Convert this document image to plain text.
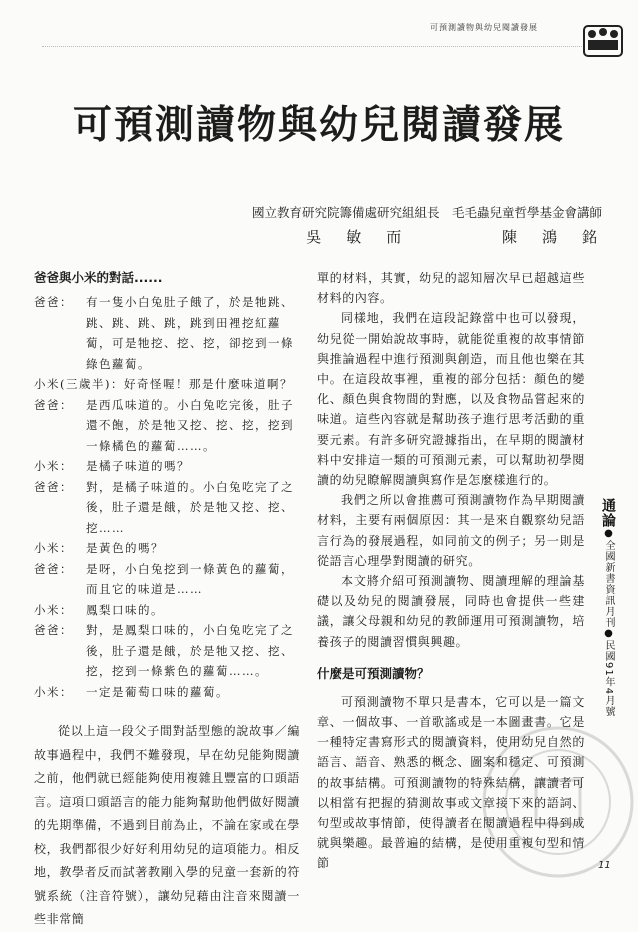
可預測讀物與幼兒閱讀發展
可預測讀物與幼兒閱讀發展
國立教育研究院籌備處研究組組長　毛毛蟲兒童哲學基金會講師
吳　敏　而	陳　鴻　銘
爸爸與小米的對話......
爸爸：	有一隻小白兔肚子餓了，於是牠跳、跳、跳、跳、跳，跳到田裡挖紅蘿蔔，可是牠挖、挖、挖，卻挖到一條綠色蘿蔔。
小米(三歲半)： 好奇怪喔！那是什麼味道啊？
爸爸：	是西瓜味道的。小白兔吃完後，肚子還不飽，於是牠又挖、挖、挖，挖到一條橘色的蘿蔔……。
小米：	是橘子味道的嗎？
爸爸：	對，是橘子味道的。小白兔吃完了之後，肚子還是餓，於是牠又挖、挖、挖……
小米：	是黃色的嗎？
爸爸：	是呀，小白兔挖到一條黃色的蘿蔔，而且它的味道是……
小米：	鳳梨口味的。
爸爸：	對，是鳳梨口味的，小白兔吃完了之後，肚子還是餓，於是牠又挖、挖、挖，挖到一條紫色的蘿蔔……。
小米：	一定是葡萄口味的蘿蔔。

從以上這一段父子間對話型態的說故事／編故事過程中，我們不難發現，早在幼兒能夠閱讀之前，他們就已經能夠使用複雜且豐富的口頭語言。這項口頭語言的能力能夠幫助他們做好閱讀的先期準備，不過到目前為止，不論在家或在學校，我們都很少好好利用幼兒的這項能力。相反地，教學者反而試著教剛入學的兒童一套新的符號系統（注音符號），讓幼兒藉由注音來閱讀一些非常簡

單的材料，其實，幼兒的認知層次早已超越這些材料的內容。

同樣地，我們在這段記錄當中也可以發現，幼兒從一開始說故事時，就能從重複的故事情節與推論過程中進行預測與創造，而且他也樂在其中。在這段故事裡，重複的部分包括：顏色的變化、顏色與食物間的對應，以及食物品嘗起來的味道。這些內容就是幫助孩子進行思考活動的重要元素。有許多研究證據指出，在早期的閱讀材料中安排這一類的可預測元素，可以幫助初學閱讀的幼兒瞭解閱讀與寫作是怎麼樣進行的。

我們之所以會推薦可預測讀物作為早期閱讀材料，主要有兩個原因：其一是來自觀察幼兒語言行為的發展過程，如同前文的例子；另一則是從語言心理學對閱讀的研究。

本文將介紹可預測讀物、閱讀理解的理論基礎以及幼兒的閱讀發展，同時也會提供一些建議，讓父母親和幼兒的教師運用可預測讀物，培養孩子的閱讀習慣與興趣。

什麼是可預測讀物？

可預測讀物不單只是書本，它可以是一篇文章、一個故事、一首歌謠或是一本圖畫書。它是一種特定書寫形式的閱讀資料，使用幼兒自然的語言、語音、熟悉的概念、圖案和穩定、可預測的故事結構。可預測讀物的特殊結構，讓讀者可以相當有把握的猜測故事或文章接下來的語詞、句型或故事情節，使得讀者在閱讀過程中得到成就與樂趣。最普遍的結構，是使用重複句型和情節

通論●全國新書資訊月刊●民國91年4月號
11
